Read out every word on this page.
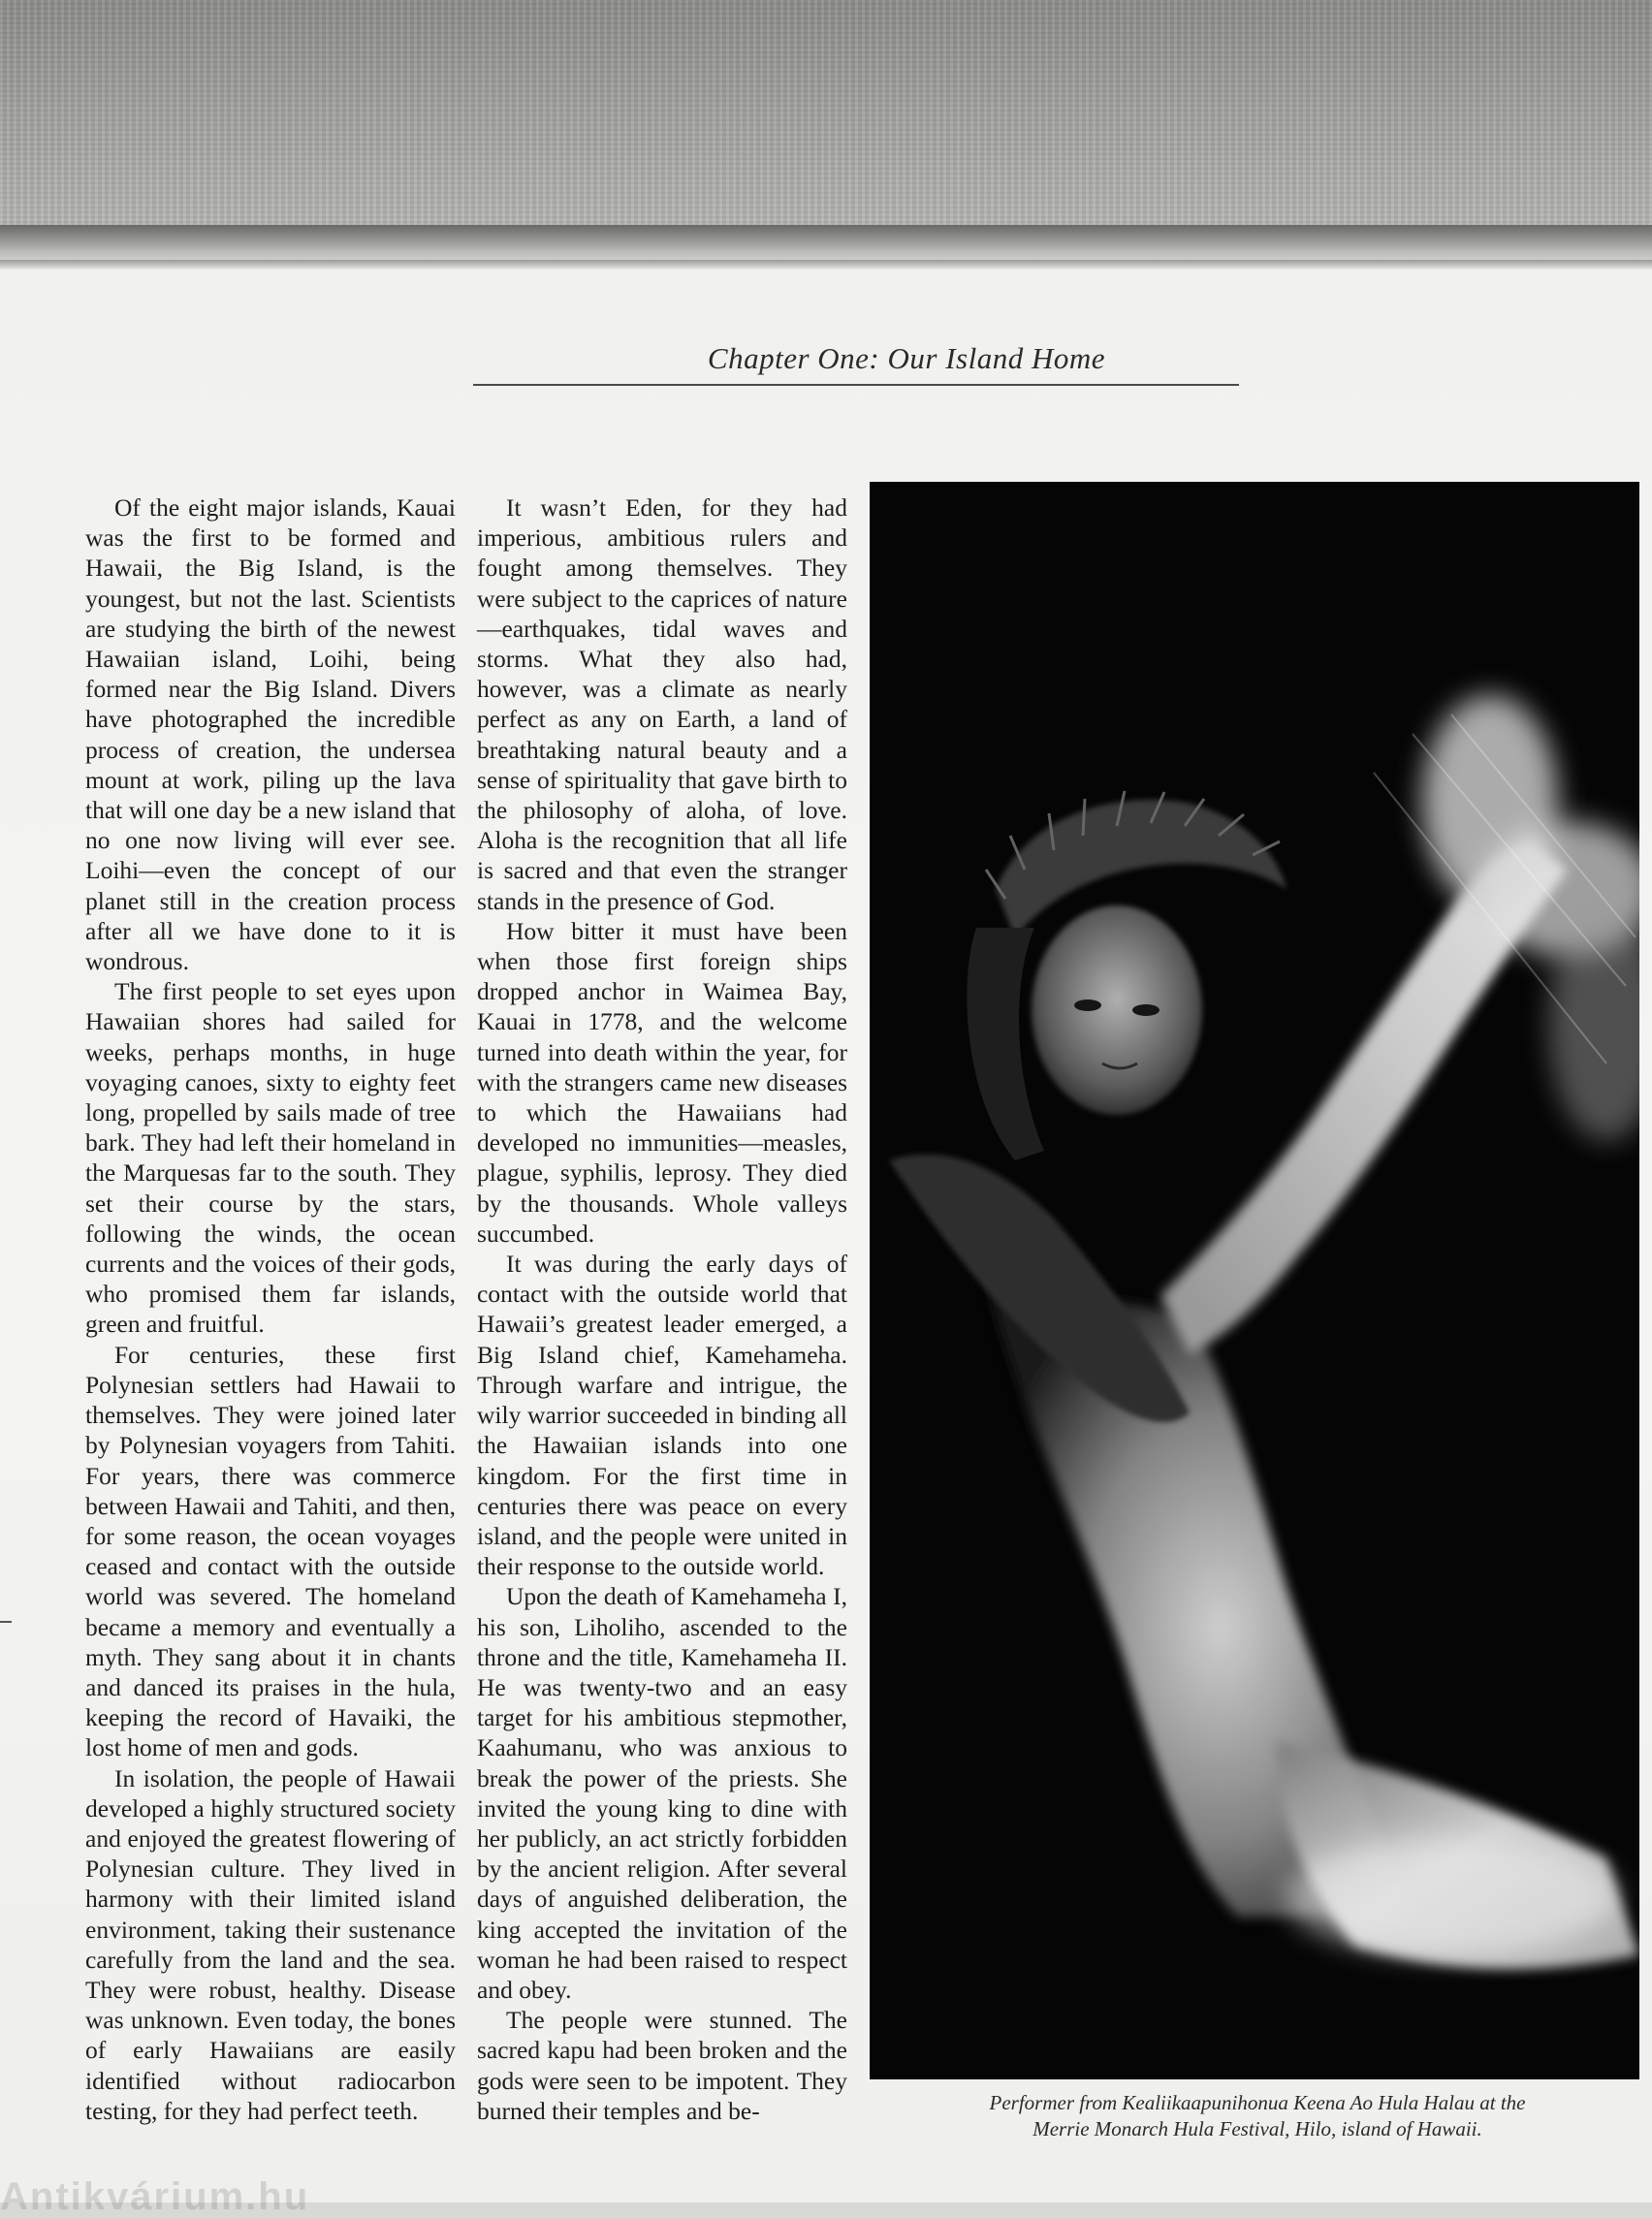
Chapter One: Our Island Home

Of the eight major islands, Kauai was the first to be formed and Hawaii, the Big Island, is the youngest, but not the last. Scientists are studying the birth of the newest Hawaiian island, Loihi, being formed near the Big Island. Divers have photographed the incredible process of creation, the undersea mount at work, piling up the lava that will one day be a new island that no one now living will ever see. Loihi—even the concept of our planet still in the creation process after all we have done to it is wondrous.

The first people to set eyes upon Hawaiian shores had sailed for weeks, perhaps months, in huge voyaging canoes, sixty to eighty feet long, propelled by sails made of tree bark. They had left their homeland in the Marquesas far to the south. They set their course by the stars, following the winds, the ocean currents and the voices of their gods, who promised them far islands, green and fruitful.

For centuries, these first Polynesian settlers had Hawaii to themselves. They were joined later by Polynesian voyagers from Tahiti. For years, there was commerce between Hawaii and Tahiti, and then, for some reason, the ocean voyages ceased and contact with the outside world was severed. The homeland became a memory and eventually a myth. They sang about it in chants and danced its praises in the hula, keeping the record of Havaiki, the lost home of men and gods.

In isolation, the people of Hawaii developed a highly structured society and enjoyed the greatest flowering of Polynesian culture. They lived in harmony with their limited island environment, taking their sustenance carefully from the land and the sea. They were robust, healthy. Disease was unknown. Even today, the bones of early Hawaiians are easily identified without radiocarbon testing, for they had perfect teeth.

It wasn’t Eden, for they had imperious, ambitious rulers and fought among themselves. They were subject to the caprices of nature—earthquakes, tidal waves and storms. What they also had, however, was a climate as nearly perfect as any on Earth, a land of breathtaking natural beauty and a sense of spirituality that gave birth to the philosophy of aloha, of love. Aloha is the recognition that all life is sacred and that even the stranger stands in the presence of God.

How bitter it must have been when those first foreign ships dropped anchor in Waimea Bay, Kauai in 1778, and the welcome turned into death within the year, for with the strangers came new diseases to which the Hawaiians had developed no immunities—measles, plague, syphilis, leprosy. They died by the thousands. Whole valleys succumbed.

It was during the early days of contact with the outside world that Hawaii’s greatest leader emerged, a Big Island chief, Kamehameha. Through warfare and intrigue, the wily warrior succeeded in binding all the Hawaiian islands into one kingdom. For the first time in centuries there was peace on every island, and the people were united in their response to the outside world.

Upon the death of Kamehameha I, his son, Liholiho, ascended to the throne and the title, Kamehameha II. He was twenty-two and an easy target for his ambitious stepmother, Kaahumanu, who was anxious to break the power of the priests. She invited the young king to dine with her publicly, an act strictly forbidden by the ancient religion. After several days of anguished deliberation, the king accepted the invitation of the woman he had been raised to respect and obey.

The people were stunned. The sacred kapu had been broken and the gods were seen to be impotent. They burned their temples and be-	Performer from Kealiikaapunihonua Keena Ao Hula Halau at the
Merrie Monarch Hula Festival, Hilo, island of Hawaii.
Antikvárium.hu
